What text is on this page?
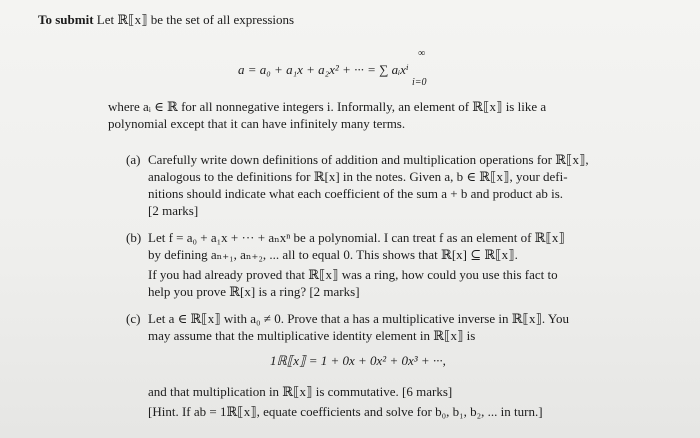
To submit Let ℝ⟦x⟧ be the set of all expressions
a = a₀ + a₁x + a₂x² + ··· = ∑ aᵢxⁱ
∞
i=0
where aᵢ ∈ ℝ for all nonnegative integers i. Informally, an element of ℝ⟦x⟧ is like a
polynomial except that it can have infinitely many terms.
(a) Carefully write down definitions of addition and multiplication operations for ℝ⟦x⟧,
analogous to the definitions for ℝ[x] in the notes. Given a, b ∈ ℝ⟦x⟧, your defi-
nitions should indicate what each coefficient of the sum a + b and product ab is.
[2 marks]
(b) Let f = a₀ + a₁x + ··· + aₙxⁿ be a polynomial. I can treat f as an element of ℝ⟦x⟧
by defining aₙ₊₁, aₙ₊₂, ... all to equal 0. This shows that ℝ[x] ⊆ ℝ⟦x⟧.
If you had already proved that ℝ⟦x⟧ was a ring, how could you use this fact to
help you prove ℝ[x] is a ring? [2 marks]
(c) Let a ∈ ℝ⟦x⟧ with a₀ ≠ 0. Prove that a has a multiplicative inverse in ℝ⟦x⟧. You
may assume that the multiplicative identity element in ℝ⟦x⟧ is
1ℝ⟦x⟧ = 1 + 0x + 0x² + 0x³ + ···,
and that multiplication in ℝ⟦x⟧ is commutative. [6 marks]
[Hint. If ab = 1ℝ⟦x⟧, equate coefficients and solve for b₀, b₁, b₂, ... in turn.]
